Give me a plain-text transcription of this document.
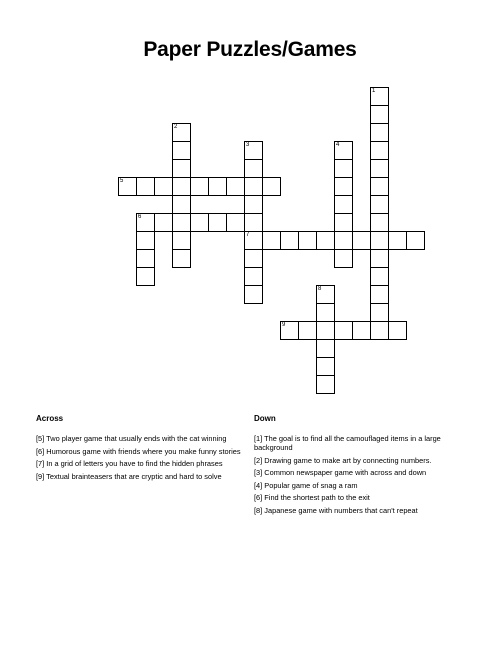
Paper Puzzles/Games
1
2
3
7
4
5
6
8
9
Across
[5] Two player game that usually ends with the cat winning
[6] Humorous game with friends where you make funny stories
[7] In a grid of letters you have to find the hidden phrases
[9] Textual brainteasers that are cryptic and hard to solve
Down
[1] The goal is to find all the camouflaged items in a large background
[2] Drawing game to make art by connecting numbers.
[3] Common newspaper game with across and down
[4] Popular game of snag a ram
[6] Find the shortest path to the exit
[8] Japanese game with numbers that can't repeat
